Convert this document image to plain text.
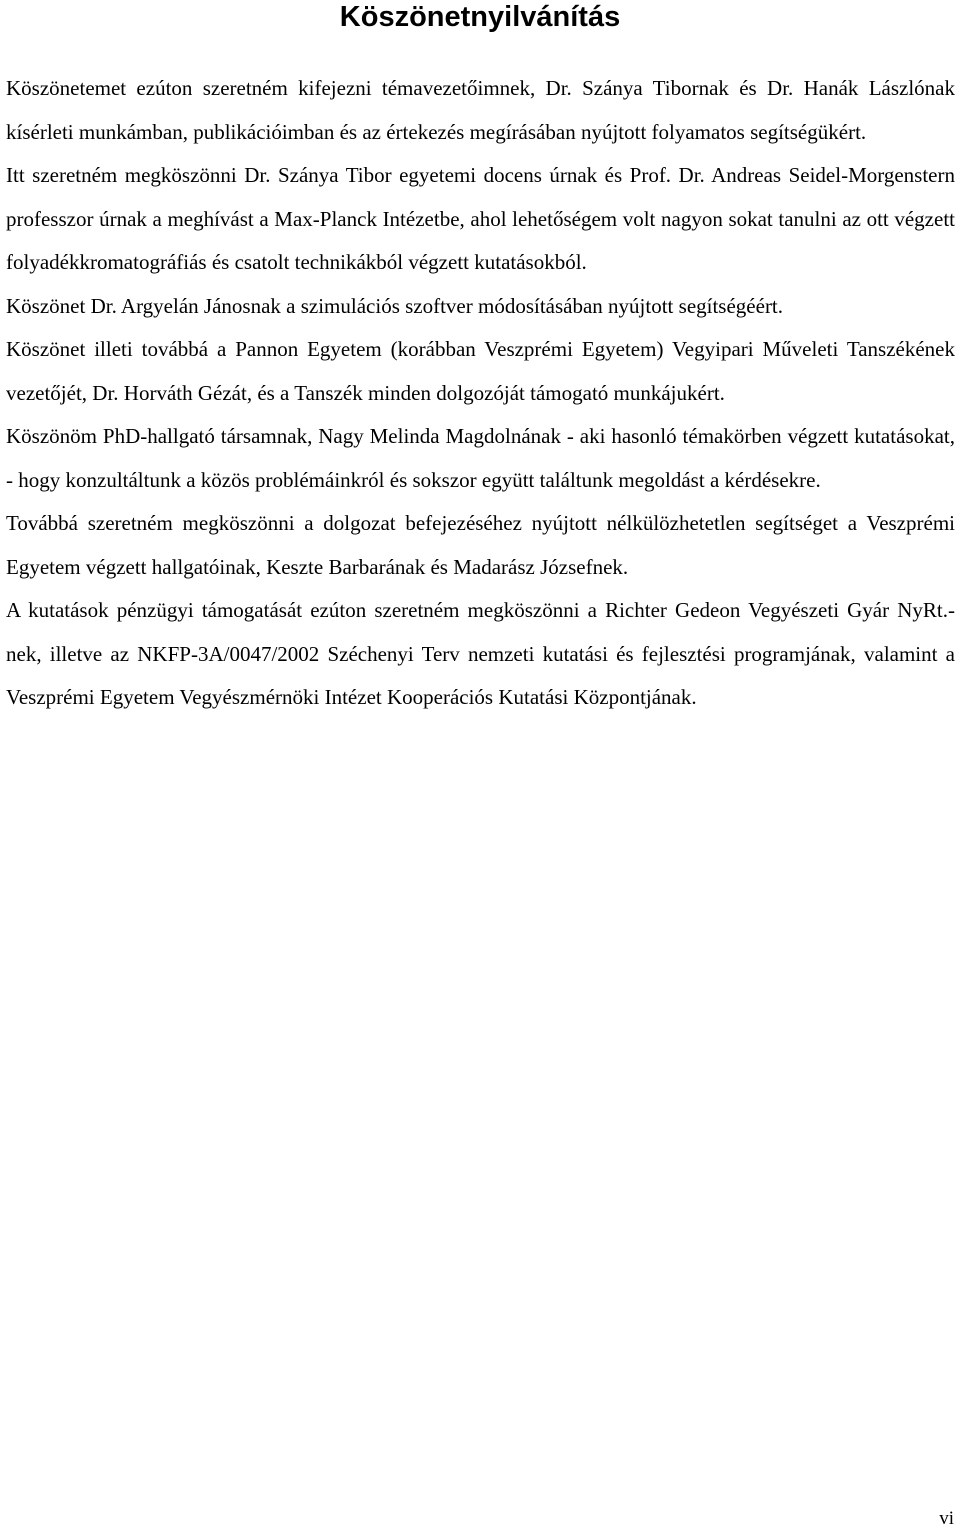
Köszönetnyilvánítás

Köszönetemet ezúton szeretném kifejezni témavezetőimnek, Dr. Szánya Tibornak és Dr. Hanák Lászlónak kísérleti munkámban, publikációimban és az értekezés megírásában nyújtott folyamatos segítségükért.

Itt szeretném megköszönni Dr. Szánya Tibor egyetemi docens úrnak és Prof. Dr. Andreas Seidel-Morgenstern professzor úrnak a meghívást a Max-Planck Intézetbe, ahol lehetőségem volt nagyon sokat tanulni az ott végzett folyadékkromatográfiás és csatolt technikákból végzett kutatásokból.

Köszönet Dr. Argyelán Jánosnak a szimulációs szoftver módosításában nyújtott segítségéért.

Köszönet illeti továbbá a Pannon Egyetem (korábban Veszprémi Egyetem) Vegyipari Műveleti Tanszékének vezetőjét, Dr. Horváth Gézát, és a Tanszék minden dolgozóját támogató munkájukért.

Köszönöm PhD-hallgató társamnak, Nagy Melinda Magdolnának - aki hasonló témakörben végzett kutatásokat, - hogy konzultáltunk a közös problémáinkról és sokszor együtt találtunk megoldást a kérdésekre.

Továbbá szeretném megköszönni a dolgozat befejezéséhez nyújtott nélkülözhetetlen segítséget a Veszprémi Egyetem végzett hallgatóinak, Keszte Barbarának és Madarász Józsefnek.

A kutatások pénzügyi támogatását ezúton szeretném megköszönni a Richter Gedeon Vegyészeti Gyár NyRt.-nek, illetve az NKFP-3A/0047/2002 Széchenyi Terv nemzeti kutatási és fejlesztési programjának, valamint a Veszprémi Egyetem Vegyészmérnöki Intézet Kooperációs Kutatási Központjának.

vi
